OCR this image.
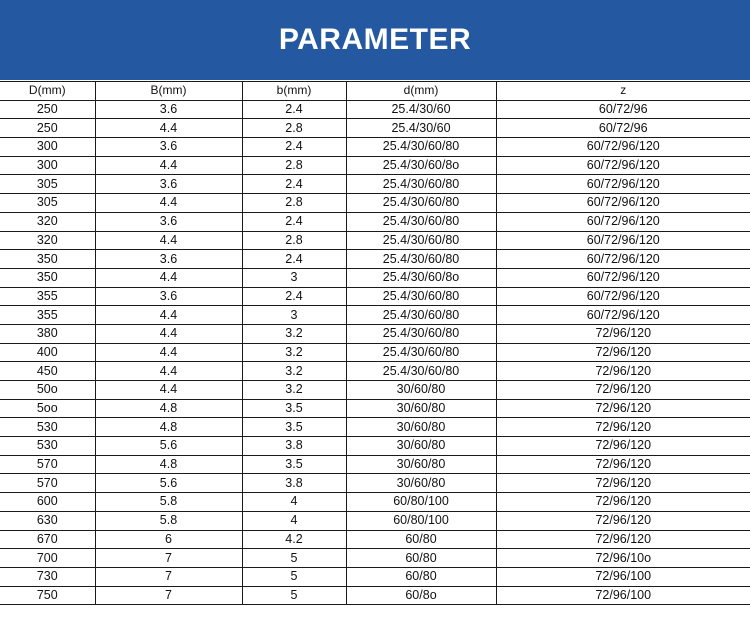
PARAMETER
D(mm)	B(mm)	b(mm)	d(mm)	z
250	3.6	2.4	25.4/30/60	60/72/96
250	4.4	2.8	25.4/30/60	60/72/96
300	3.6	2.4	25.4/30/60/80	60/72/96/120
300	4.4	2.8	25.4/30/60/8o	60/72/96/120
305	3.6	2.4	25.4/30/60/80	60/72/96/120
305	4.4	2.8	25.4/30/60/80	60/72/96/120
320	3.6	2.4	25.4/30/60/80	60/72/96/120
320	4.4	2.8	25.4/30/60/80	60/72/96/120
350	3.6	2.4	25.4/30/60/80	60/72/96/120
350	4.4	3	25.4/30/60/8o	60/72/96/120
355	3.6	2.4	25.4/30/60/80	60/72/96/120
355	4.4	3	25.4/30/60/80	60/72/96/120
380	4.4	3.2	25.4/30/60/80	72/96/120
400	4.4	3.2	25.4/30/60/80	72/96/120
450	4.4	3.2	25.4/30/60/80	72/96/120
50o	4.4	3.2	30/60/80	72/96/120
5oo	4.8	3.5	30/60/80	72/96/120
530	4.8	3.5	30/60/80	72/96/120
530	5.6	3.8	30/60/80	72/96/120
570	4.8	3.5	30/60/80	72/96/120
570	5.6	3.8	30/60/80	72/96/120
600	5.8	4	60/80/100	72/96/120
630	5.8	4	60/80/100	72/96/120
670	6	4.2	60/80	72/96/120
700	7	5	60/80	72/96/10o
730	7	5	60/80	72/96/100
750	7	5	60/8o	72/96/100
